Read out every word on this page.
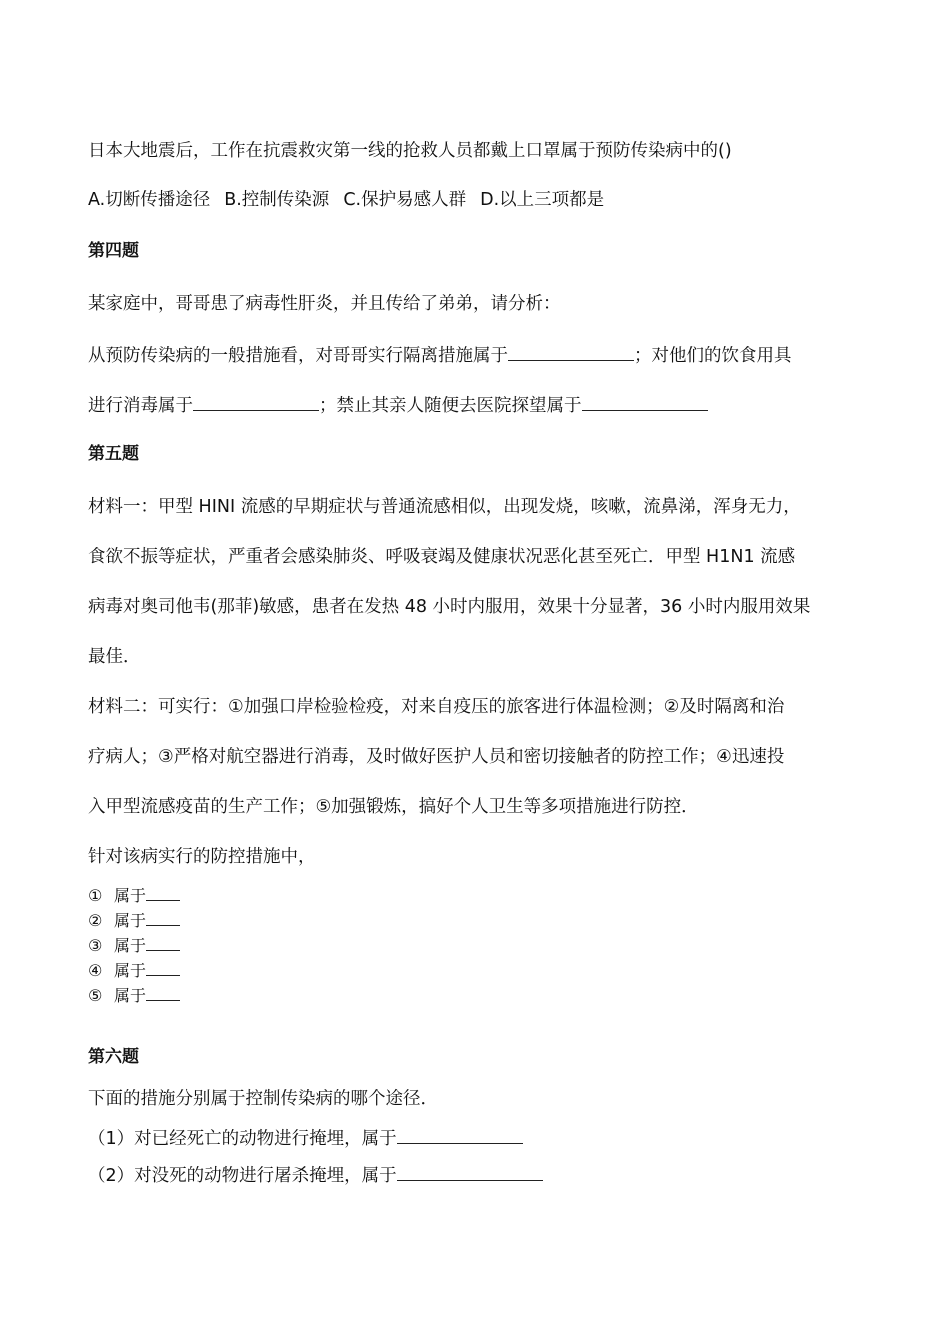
日本大地震后，工作在抗震救灾第一线的抢救人员都戴上口罩属于预防传染病中的()

A.切断传播途径 B.控制传染源 C.保护易感人群 D.以上三项都是

第四题

某家庭中，哥哥患了病毒性肝炎，并且传给了弟弟，请分析：

从预防传染病的一般措施看，对哥哥实行隔离措施属于	；对他们的饮食用具

进行消毒属于	；禁止其亲人随便去医院探望属于

第五题

材料一：甲型 HINI 流感的早期症状与普通流感相似，出现发烧，咳嗽，流鼻涕，浑身无力，

食欲不振等症状，严重者会感染肺炎、呼吸衰竭及健康状况恶化甚至死亡．甲型 H1N1 流感

病毒对奥司他韦(那菲)敏感，患者在发热 48 小时内服用，效果十分显著，36 小时内服用效果

最佳．

材料二：可实行：①加强口岸检验检疫，对来自疫压的旅客进行体温检测；②及时隔离和治

疗病人；③严格对航空器进行消毒，及时做好医护人员和密切接触者的防控工作；④迅速投

入甲型流感疫苗的生产工作；⑤加强锻炼，搞好个人卫生等多项措施进行防控．

针对该病实行的防控措施中，

① 属于

② 属于

③ 属于

④ 属于

⑤ 属于

第六题

下面的措施分别属于控制传染病的哪个途径．

（1）对已经死亡的动物进行掩埋，属于

（2）对没死的动物进行屠杀掩埋，属于
